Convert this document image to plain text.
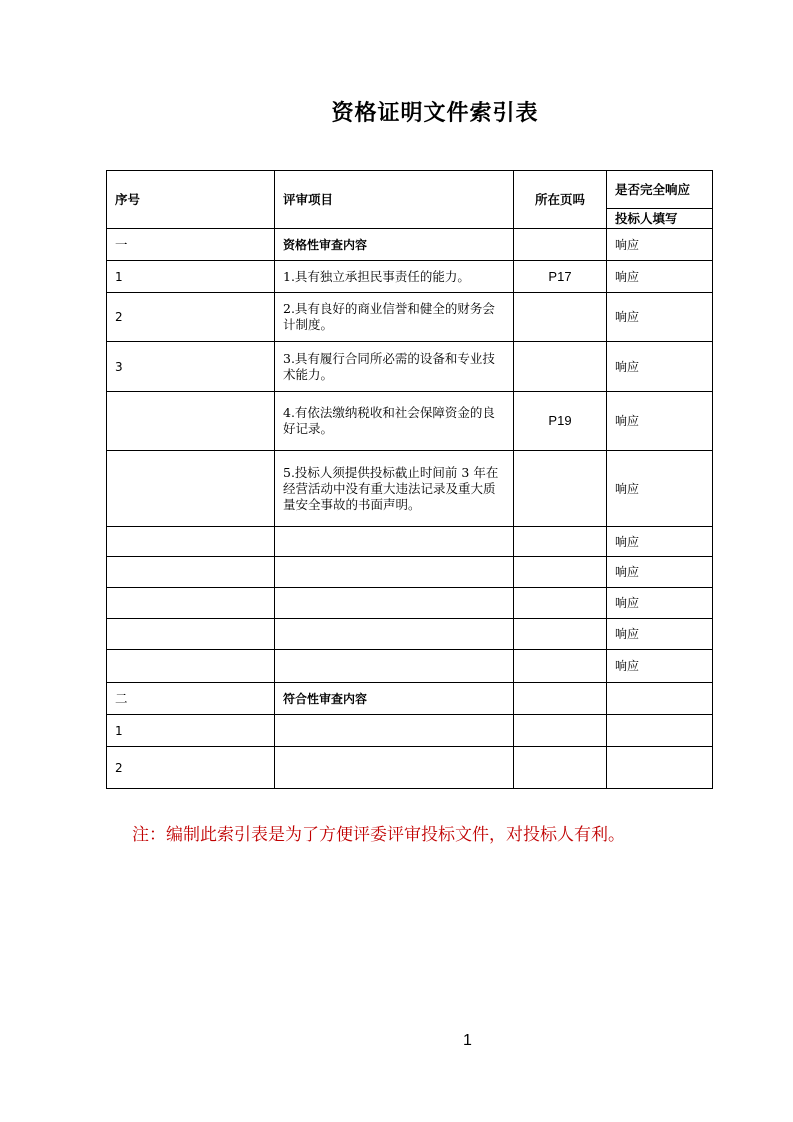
资格证明文件索引表
序号	评审项目	所在页吗	是否完全响应
			投标人填写
一	资格性审查内容		响应
1	1.具有独立承担民事责任的能力。	P17	响应
2	2.具有良好的商业信誉和健全的财务会计制度。		响应
3	3.具有履行合同所必需的设备和专业技术能力。		响应
	4.有依法缴纳税收和社会保障资金的良好记录。	P19	响应
	5.投标人须提供投标截止时间前 3 年在经营活动中没有重大违法记录及重大质量安全事故的书面声明。		响应
			响应
			响应
			响应
			响应
			响应
二	符合性审查内容		
1			
2			
注：编制此索引表是为了方便评委评审投标文件，对投标人有利。
1
